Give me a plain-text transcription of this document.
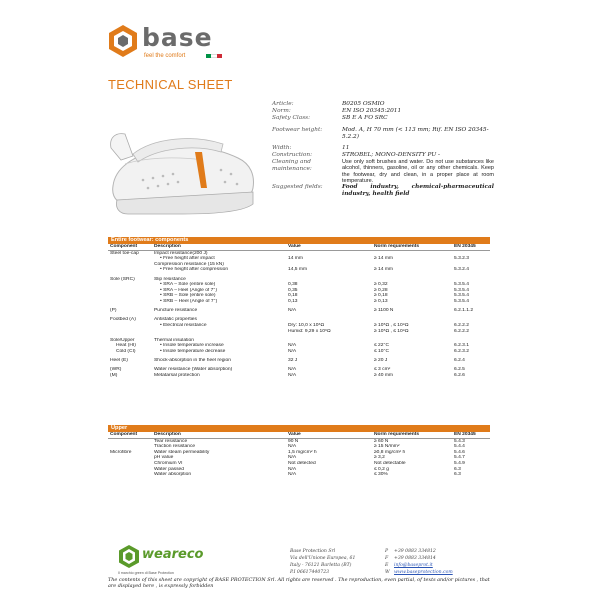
base
feel the comfort
TECHNICAL SHEET
Article:	B0205 OSMIO
Norm:	EN ISO 20345:2011
Safety Class:	SB E A FO SRC
Footwear height:	Mod. A, H 70 mm (< 113 mm; Rif. EN ISO 20345-5.2.2)
Width:	11
Construction:	STROBEL; MONO-DENSITY PU -
Cleaning and maintenance:
Use only soft brushes and water. Do not use substances like alcohol, thinners, gasoline, oil or any other chemicals. Keep the footwear, dry and clean, in a proper place at room temperature.
Suggested fields:	Food industry, chemical-pharmaceutical industry, health field
Entire footwear: components
Component	Description	Value	Norm requirements	EN 20345
Steel toe-cap	Impact resistance(200 J)			
	• Free height after impact	14 mm	≥ 14 mm	5.3.2.3
	Compression resistance (15 kN)			
	• Free height after compression	14,5 mm	≥ 14 mm	5.3.2.4

Sole (SRC)	Slip resistance			
	• SRA – Sole (entire sole)	0,38	≥ 0,32	5.3.5.4
	• SRA – Heel (Angle of 7°)	0,35	≥ 0,28	5.3.5.4
	• SRB – Sole (entire sole)	0,18	≥ 0,18	5.3.5.4
	• SRB – Heel (Angle of 7°)	0,13	≥ 0,13	5.3.5.4

(P)	Puncture resistance	N/A	≥ 1100 N	6.2.1.1.2

Footbed (A)	Antistatic properties			
	• Electrical resistance	Dry: 10,0 x 10⁶Ω	≥ 10⁵Ω , ≤ 10⁹Ω	6.2.2.2
		Humid: 9,29 x 10⁶Ω	≥ 10⁵Ω , ≤ 10⁹Ω	6.2.2.2

Sole/Upper	Thermal insulation			
Heat (HI)	• Insole temperature increase	N/A	≤ 22°C	6.2.3.1
Cold (CI)	• Insole temperature decrease	N/A	≤ 10°C	6.2.3.2

Heel (E)	Shock-absorption in the heel region	32 J	≥ 20 J	6.2.4

(WR)	Water resistance (Water absorption)	N/A	≤ 3 cm²	6.2.5
(M)	Metatarsal protection	N/A	≥ 40 mm	6.2.6
Upper
Component	Description	Value	Norm requirements	EN 20345
	Tear resistance	90 N	≥ 60 N	5.4.3
	Traction resistance	N/A	≥ 15 N/mm²	5.4.4
Microfibre	Water steam permeability	1,5 mg/cm² h	≥0,8 mg/cm² h	5.4.6
	pH value	N/A	≥ 3,2	5.4.7
	Chromium VI	Not detected	Not detectable	5.4.9
	Water passed	N/A	≤ 0,2 g	6.3
	Water absorption	N/A	≤ 30%	6.3
weareco
Il marchio green di Base Protection
Base Protection Srl	P	+39 0883 334812
Via dell'Unione Europea, 61	F	+39 0883 334814
Italy - 76121 Barletta (BT)	E	info@baseprot.it
P.I 06617440723	W www.baseprotection.com
The contents of this sheet are copyright of BASE PROTECTION Srl. All rights are reserved . The reproduction, even partial, of texts and/or pictures , that are displayed here , is expressly forbidden
